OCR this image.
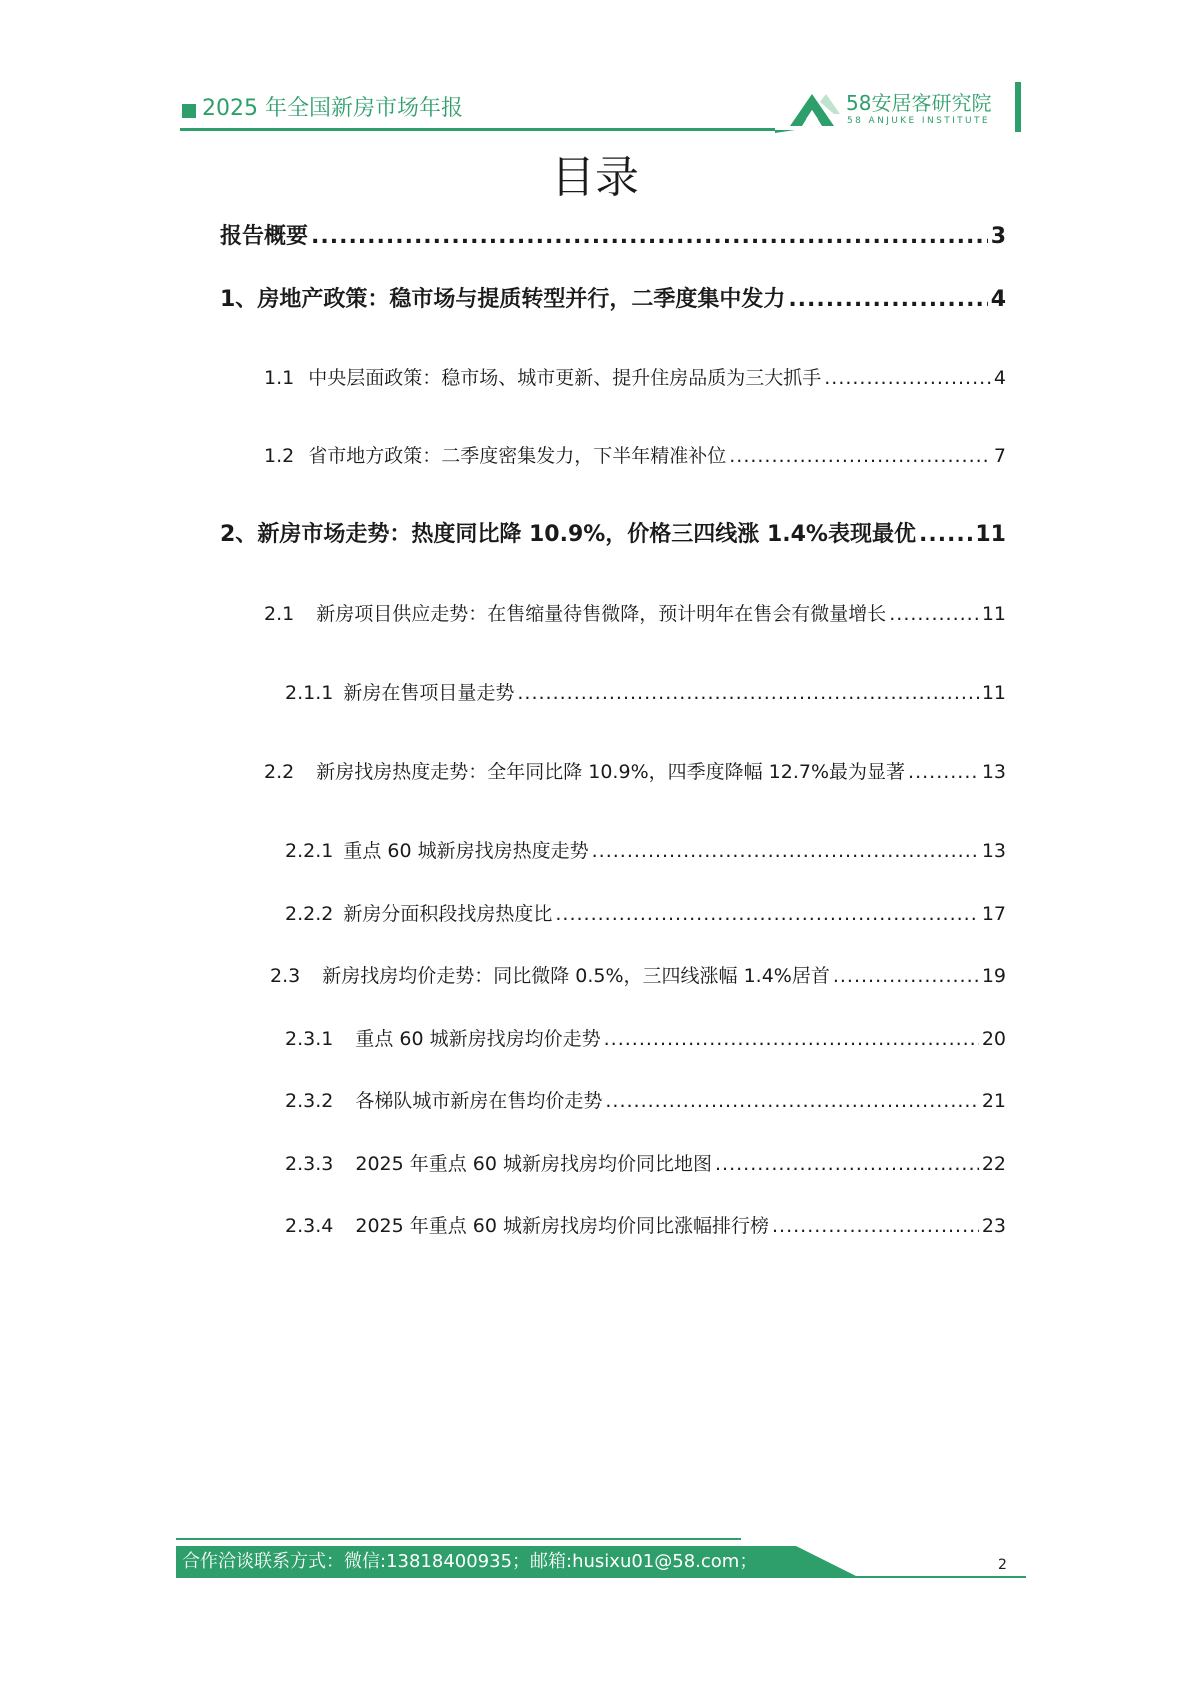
2025 年全国新房市场年报	58安居客研究院
58 ANJUKE INSTITUTE
目录
报告概要 .....	3
1、 房地产政策：稳市场与提质转型并行，二季度集中发力 .....	4
1.1 中央层面政策：稳市场、城市更新、提升住房品质为三大抓手 .....	4
1.2 省市地方政策：二季度密集发力，下半年精准补位 .....	7
2、 新房市场走势：热度同比降 10.9%，价格三四线涨 1.4%表现最优 .....	11
2.1 新房项目供应走势：在售缩量待售微降，预计明年在售会有微量增长 .....	11
2.1.1 新房在售项目量走势 .....	11
2.2 新房找房热度走势：全年同比降 10.9%，四季度降幅 12.7%最为显著 .....	13
2.2.1 重点 60 城新房找房热度走势 .....	13
2.2.2 新房分面积段找房热度比 .....	17
2.3 新房找房均价走势：同比微降 0.5%，三四线涨幅 1.4%居首 .....	19
2.3.1 重点 60 城新房找房均价走势 .....	20
2.3.2 各梯队城市新房在售均价走势 .....	21
2.3.3 2025 年重点 60 城新房找房均价同比地图 .....	22
2.3.4 2025 年重点 60 城新房找房均价同比涨幅排行榜 .....	23
合作洽谈联系方式：微信:13818400935；邮箱:husixu01@58.com；	2
